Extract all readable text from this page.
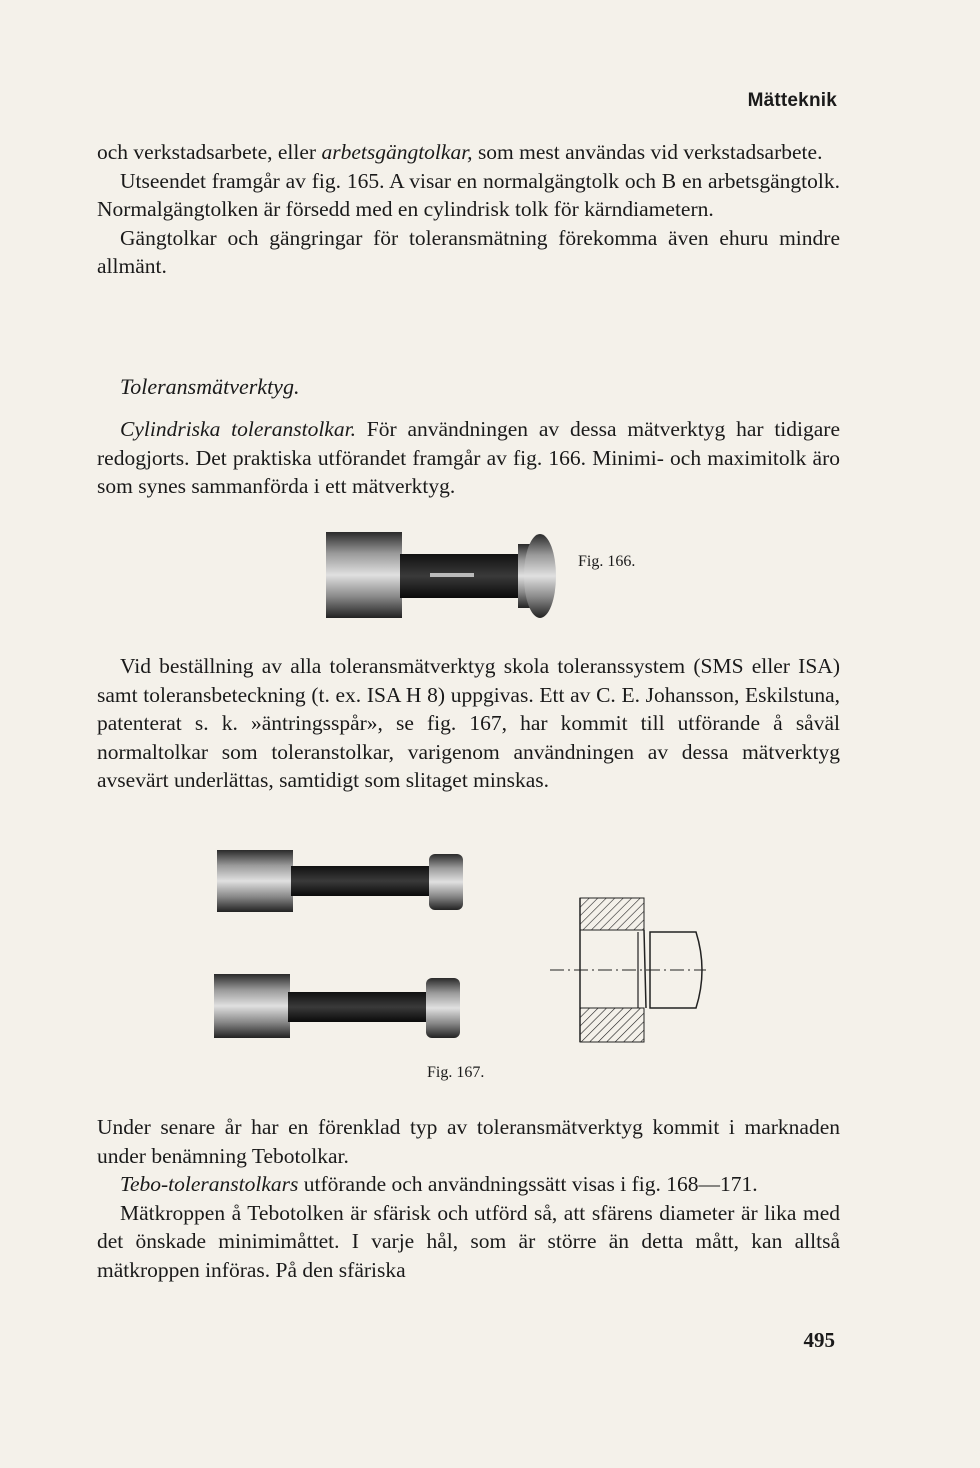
Mätteknik

och verkstadsarbete, eller arbetsgängtolkar, som mest användas vid verkstadsarbete.

Utseendet framgår av fig. 165. A visar en normalgängtolk och B en arbetsgängtolk. Normalgängtolken är försedd med en cylindrisk tolk för kärndiametern.

Gängtolkar och gängringar för toleransmätning förekomma även ehuru mindre allmänt.

Toleransmätverktyg.

Cylindriska toleranstolkar. För användningen av dessa mätverktyg har tidigare redogjorts. Det praktiska utförandet framgår av fig. 166. Minimi- och maximitolk äro som synes sammanförda i ett mätverktyg.

Fig. 166.

Vid beställning av alla toleransmätverktyg skola toleranssystem (SMS eller ISA) samt toleransbeteckning (t. ex. ISA H 8) uppgivas. Ett av C. E. Johansson, Eskilstuna, patenterat s. k. »äntringsspår», se fig. 167, har kommit till utförande å såväl normaltolkar som toleranstolkar, varigenom användningen av dessa mätverktyg avsevärt underlättas, samtidigt som slitaget minskas.

Fig. 167.

Under senare år har en förenklad typ av toleransmätverktyg kommit i marknaden under benämning Tebotolkar.

Tebo-toleranstolkars utförande och användningssätt visas i fig. 168—171.

Mätkroppen å Tebotolken är sfärisk och utförd så, att sfärens diameter är lika med det önskade minimimåttet. I varje hål, som är större än detta mått, kan alltså mätkroppen införas. På den sfäriska

495
